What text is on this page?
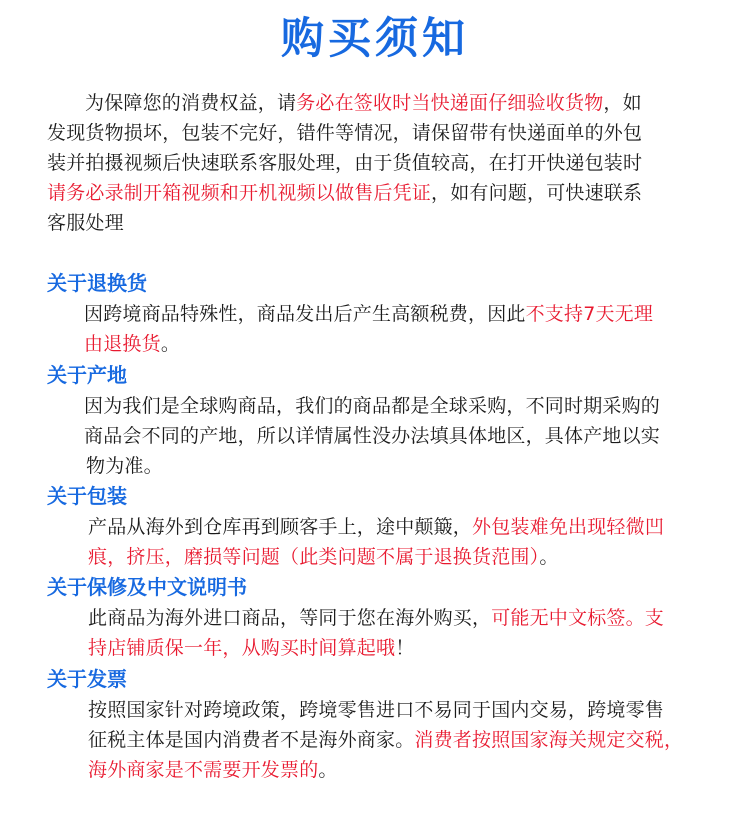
购买须知
为保障您的消费权益，请务必在签收时当快递面仔细验收货物，如
发现货物损坏，包装不完好，错件等情况，请保留带有快递面单的外包
装并拍摄视频后快速联系客服处理，由于货值较高，在打开快递包装时
请务必录制开箱视频和开机视频以做售后凭证，如有问题，可快速联系
客服处理
关于退换货
因跨境商品特殊性，商品发出后产生高额税费，因此不支持7天无理
由退换货。
关于产地
因为我们是全球购商品，我们的商品都是全球采购，不同时期采购的
商品会不同的产地，所以详情属性没办法填具体地区，具体产地以实
物为准。
关于包装
产品从海外到仓库再到顾客手上，途中颠簸，外包装难免出现轻微凹
痕，挤压，磨损等问题（此类问题不属于退换货范围）。
关于保修及中文说明书
此商品为海外进口商品，等同于您在海外购买，可能无中文标签。支
持店铺质保一年，从购买时间算起哦！
关于发票
按照国家针对跨境政策，跨境零售进口不易同于国内交易，跨境零售
征税主体是国内消费者不是海外商家。消费者按照国家海关规定交税，
海外商家是不需要开发票的。
